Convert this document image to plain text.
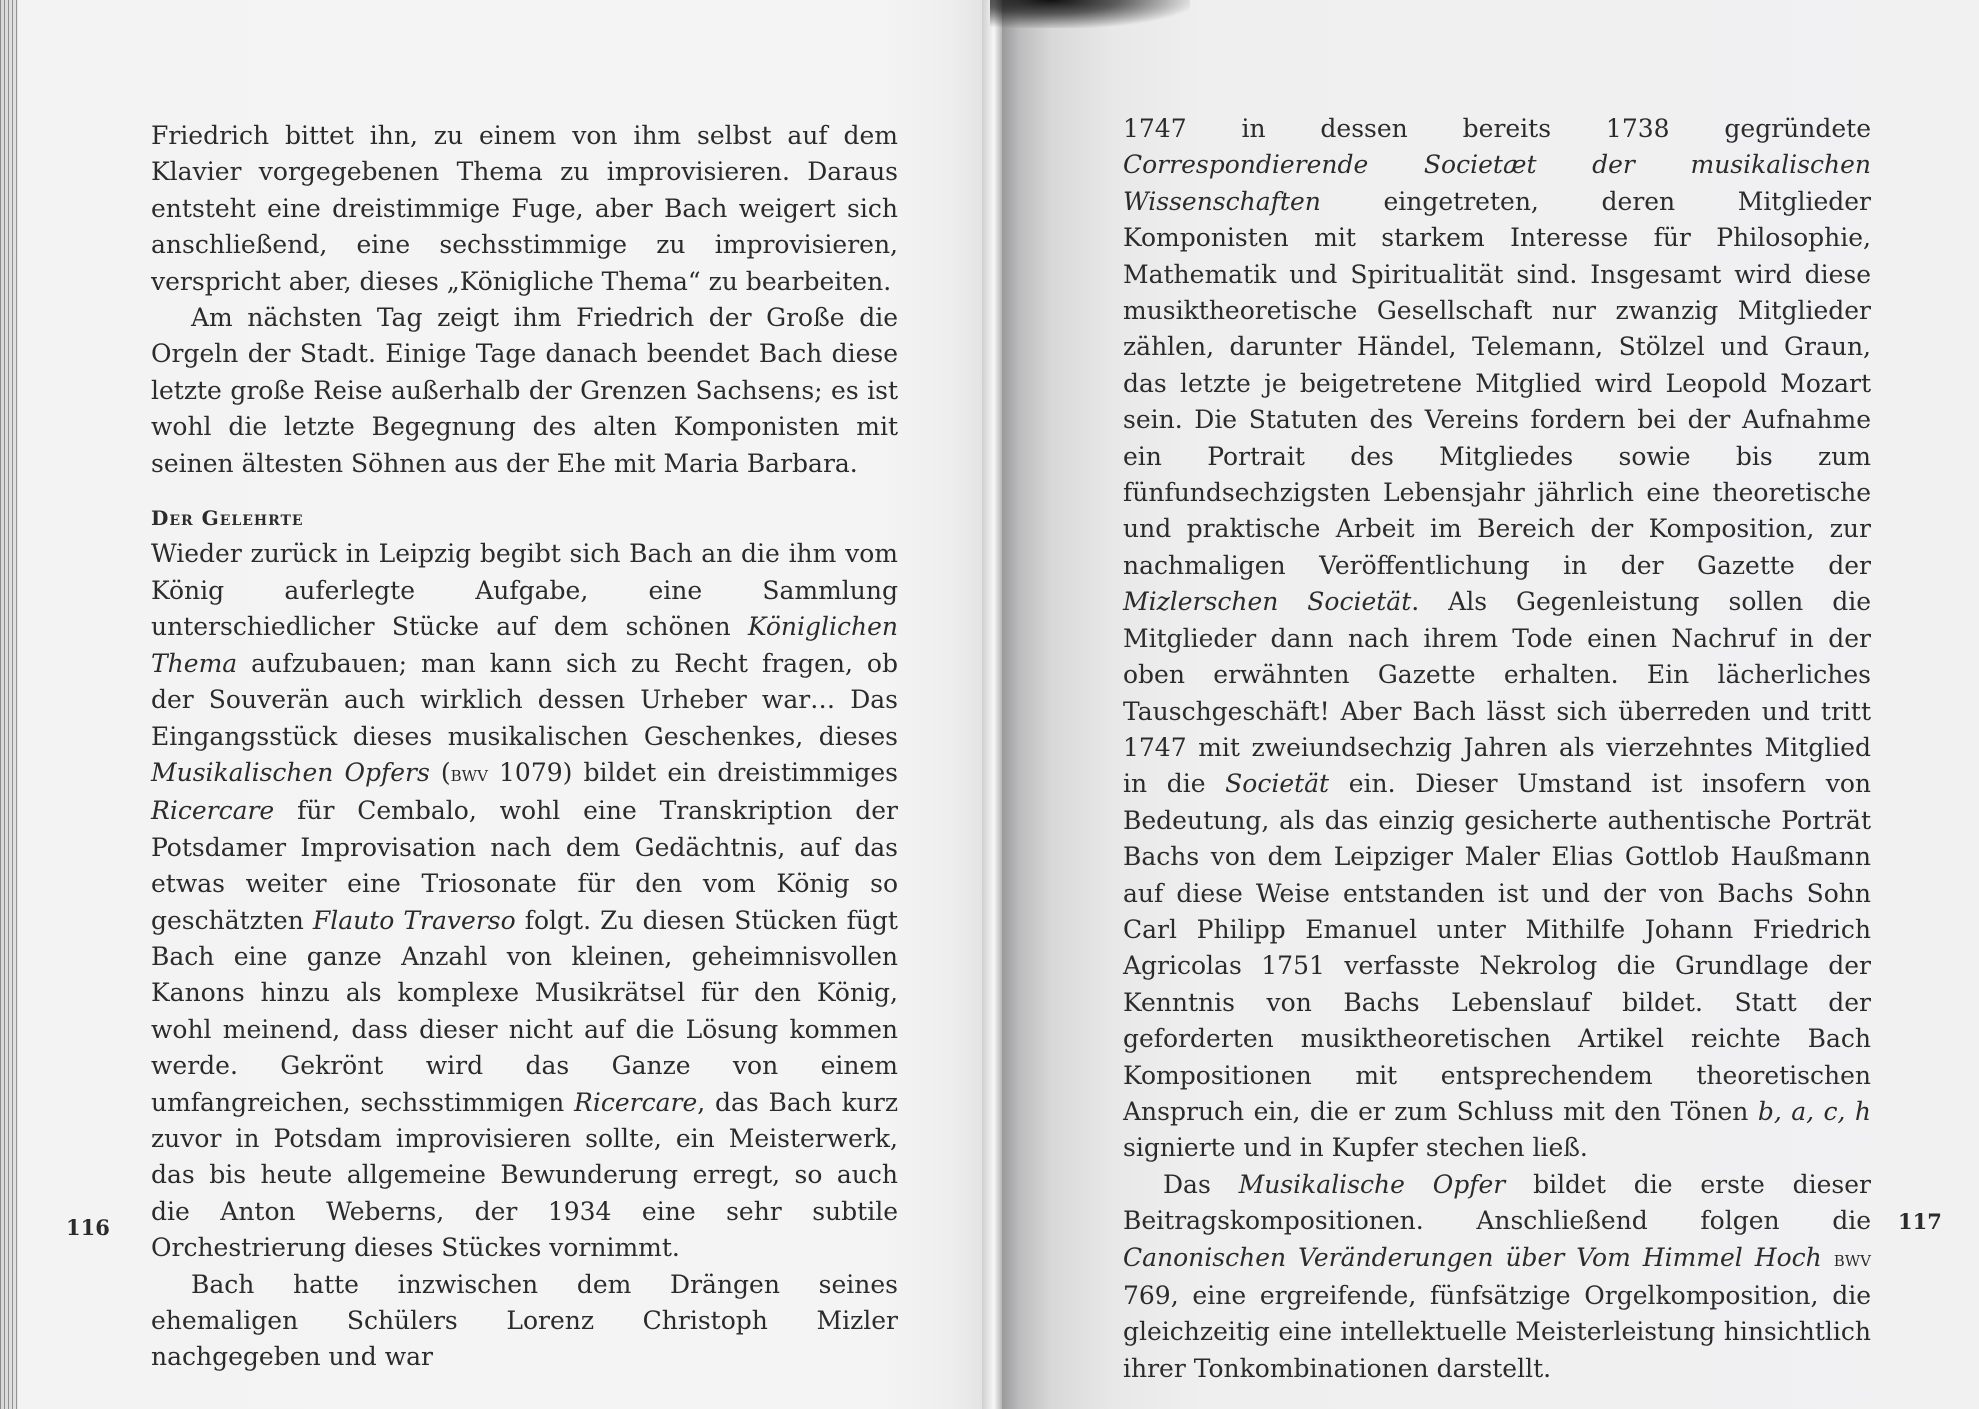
Friedrich bittet ihn, zu einem von ihm selbst auf dem Klavier vorgegebenen Thema zu improvisieren. Daraus entsteht eine dreistimmige Fuge, aber Bach weigert sich anschließend, eine sechsstimmige zu improvisieren, verspricht aber, dieses „Königliche Thema“ zu bearbeiten.

Am nächsten Tag zeigt ihm Friedrich der Große die Orgeln der Stadt. Einige Tage danach beendet Bach diese letzte große Reise außerhalb der Grenzen Sachsens; es ist wohl die letzte Begegnung des alten Komponisten mit seinen ältesten Söhnen aus der Ehe mit Maria Barbara.

Der Gelehrte

Wieder zurück in Leipzig begibt sich Bach an die ihm vom König auferlegte Aufgabe, eine Sammlung unterschiedlicher Stücke auf dem schönen Königlichen Thema aufzubauen; man kann sich zu Recht fragen, ob der Souverän auch wirklich dessen Urheber war… Das Eingangsstück dieses musikalischen Geschenkes, dieses Musikalischen Opfers (bwv 1079) bildet ein dreistimmiges Ricercare für Cembalo, wohl eine Transkription der Potsdamer Improvisation nach dem Gedächtnis, auf das etwas weiter eine Triosonate für den vom König so geschätzten Flauto Traverso folgt. Zu diesen Stücken fügt Bach eine ganze Anzahl von kleinen, geheimnisvollen Kanons hinzu als komplexe Musikrätsel für den König, wohl meinend, dass dieser nicht auf die Lösung kommen werde. Gekrönt wird das Ganze von einem umfangreichen, sechsstimmigen Ricercare, das Bach kurz zuvor in Potsdam improvisieren sollte, ein Meisterwerk, das bis heute allgemeine Bewunderung erregt, so auch die Anton Weberns, der 1934 eine sehr subtile Orchestrierung dieses Stückes vornimmt.

Bach hatte inzwischen dem Drängen seines ehemaligen Schülers Lorenz Christoph Mizler nachgegeben und war

116

1747 in dessen bereits 1738 gegründete Correspondierende Societæt der musikalischen Wissenschaften eingetreten, deren Mitglieder Komponisten mit starkem Interesse für Philosophie, Mathematik und Spiritualität sind. Insgesamt wird diese musiktheoretische Gesellschaft nur zwanzig Mitglieder zählen, darunter Händel, Telemann, Stölzel und Graun, das letzte je beigetretene Mitglied wird Leopold Mozart sein. Die Statuten des Vereins fordern bei der Aufnahme ein Portrait des Mitgliedes sowie bis zum fünfundsechzigsten Lebensjahr jährlich eine theoretische und praktische Arbeit im Bereich der Komposition, zur nachmaligen Veröffentlichung in der Gazette der Mizlerschen Societät. Als Gegenleistung sollen die Mitglieder dann nach ihrem Tode einen Nachruf in der oben erwähnten Gazette erhalten. Ein lächerliches Tauschgeschäft! Aber Bach lässt sich überreden und tritt 1747 mit zweiundsechzig Jahren als vierzehntes Mitglied in die Societät ein. Dieser Umstand ist insofern von Bedeutung, als das einzig gesicherte authentische Porträt Bachs von dem Leipziger Maler Elias Gottlob Haußmann auf diese Weise entstanden ist und der von Bachs Sohn Carl Philipp Emanuel unter Mithilfe Johann Friedrich Agricolas 1751 verfasste Nekrolog die Grundlage der Kenntnis von Bachs Lebenslauf bildet. Statt der geforderten musiktheoretischen Artikel reichte Bach Kompositionen mit entsprechendem theoretischen Anspruch ein, die er zum Schluss mit den Tönen b, a, c, h signierte und in Kupfer stechen ließ.

Das Musikalische Opfer bildet die erste dieser Beitragskompositionen. Anschließend folgen die Canonischen Veränderungen über Vom Himmel Hoch bwv 769, eine ergreifende, fünfsätzige Orgelkomposition, die gleichzeitig eine intellektuelle Meisterleistung hinsichtlich ihrer Tonkombinationen darstellt.

117
